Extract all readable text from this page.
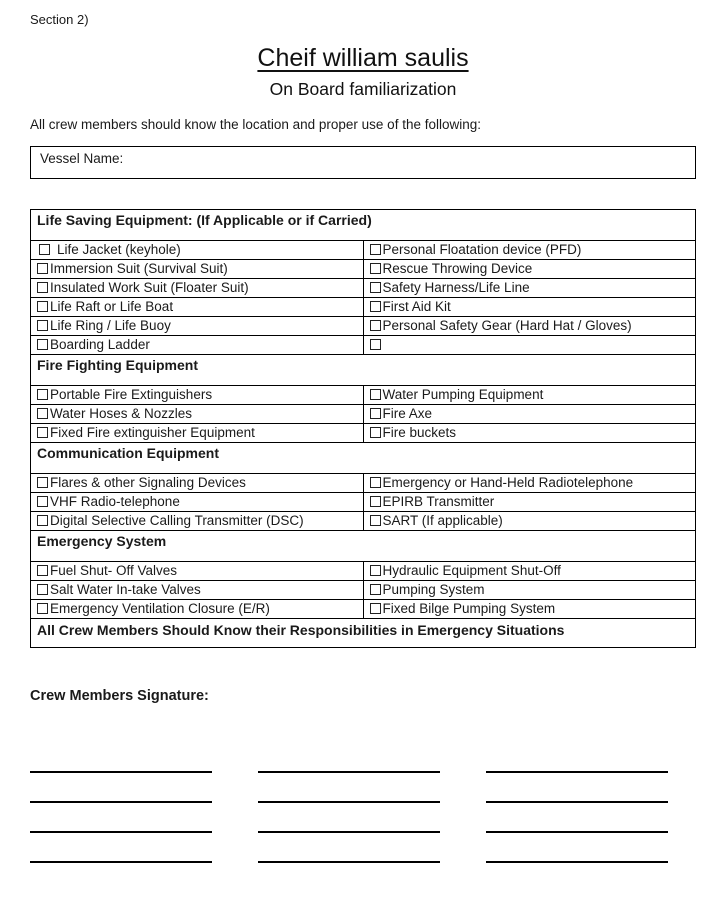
Section 2)
Cheif william saulis
On Board familiarization

All crew members should know the location and proper use of the following:

Vessel Name:
Life Saving Equipment: (If Applicable or if Carried)	
Life Jacket (keyhole)	Personal Floatation device (PFD)
Immersion Suit (Survival Suit)	Rescue Throwing Device
Insulated Work Suit (Floater Suit)	Safety Harness/Life Line
Life Raft or Life Boat	First Aid Kit
Life Ring / Life Buoy	Personal Safety Gear (Hard Hat / Gloves)
Boarding Ladder	
Fire Fighting Equipment	
Portable Fire Extinguishers	Water Pumping Equipment
Water Hoses & Nozzles	Fire Axe
Fixed Fire extinguisher Equipment	Fire buckets
Communication Equipment	
Flares & other Signaling Devices	Emergency or Hand-Held Radiotelephone
VHF Radio-telephone	EPIRB Transmitter
Digital Selective Calling Transmitter (DSC)	SART (If applicable)
Emergency System	
Fuel Shut- Off Valves	Hydraulic Equipment Shut-Off
Salt Water In-take Valves	Pumping System
Emergency Ventilation Closure (E/R)	Fixed Bilge Pumping System
All Crew Members Should Know their Responsibilities in Emergency Situations	
Crew Members Signature:
